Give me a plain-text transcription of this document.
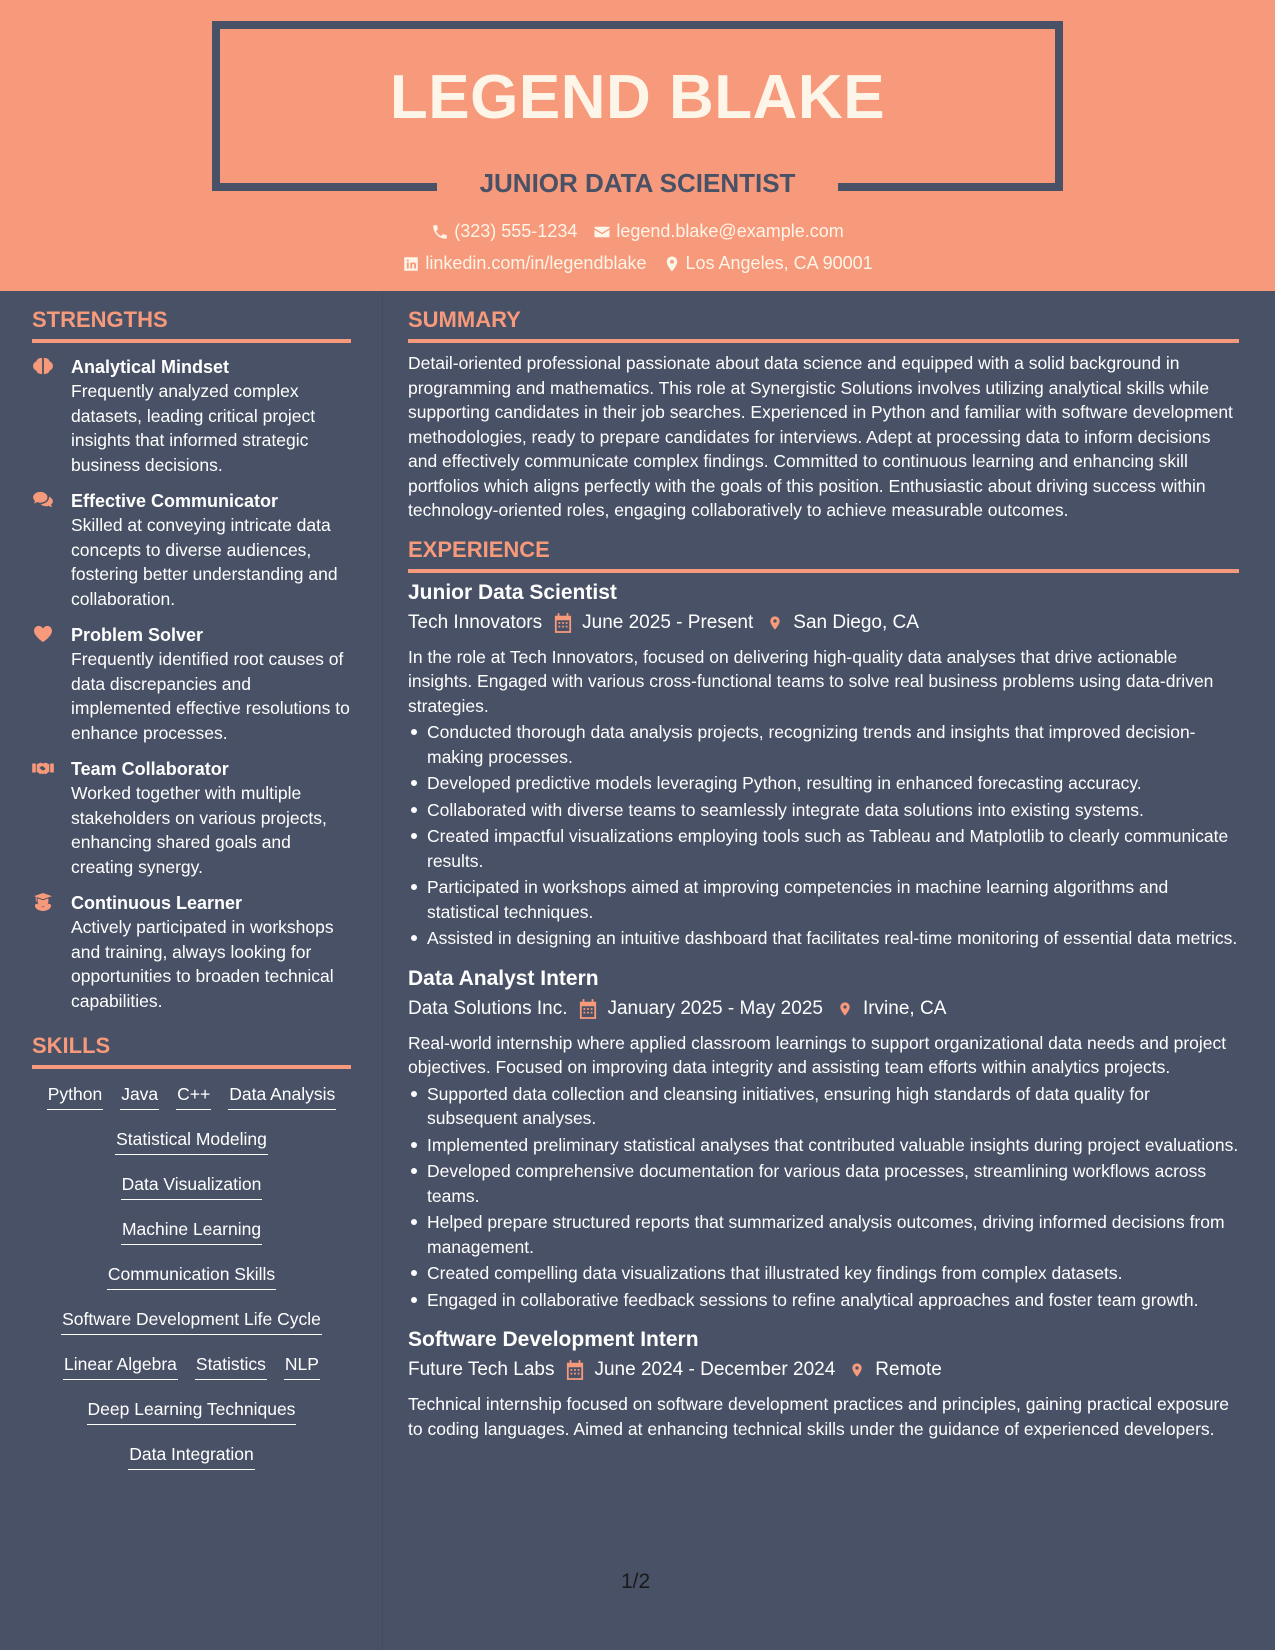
LEGEND BLAKE
JUNIOR DATA SCIENTIST
(323) 555-1234 legend.blake@example.com
linkedin.com/in/legendblake Los Angeles, CA 90001
STRENGTHS
Analytical Mindset
Frequently analyzed complex datasets, leading critical project insights that informed strategic business decisions.
Effective Communicator
Skilled at conveying intricate data concepts to diverse audiences, fostering better understanding and collaboration.
Problem Solver
Frequently identified root causes of data discrepancies and implemented effective resolutions to enhance processes.
Team Collaborator
Worked together with multiple stakeholders on various projects, enhancing shared goals and creating synergy.
Continuous Learner
Actively participated in workshops and training, always looking for opportunities to broaden technical capabilities.
SKILLS
Python Java C++ Data Analysis
Statistical Modeling
Data Visualization
Machine Learning
Communication Skills
Software Development Life Cycle
Linear Algebra Statistics NLP
Deep Learning Techniques
Data Integration
SUMMARY

Detail-oriented professional passionate about data science and equipped with a solid background in programming and mathematics. This role at Synergistic Solutions involves utilizing analytical skills while supporting candidates in their job searches. Experienced in Python and familiar with software development methodologies, ready to prepare candidates for interviews. Adept at processing data to inform decisions and effectively communicate complex findings. Committed to continuous learning and enhancing skill portfolios which aligns perfectly with the goals of this position. Enthusiastic about driving success within technology-oriented roles, engaging collaboratively to achieve measurable outcomes.

EXPERIENCE
Junior Data Scientist
Tech Innovators June 2025 - Present San Diego, CA

In the role at Tech Innovators, focused on delivering high-quality data analyses that drive actionable insights. Engaged with various cross-functional teams to solve real business problems using data-driven strategies.

Conducted thorough data analysis projects, recognizing trends and insights that improved decision-making processes.
Developed predictive models leveraging Python, resulting in enhanced forecasting accuracy.
Collaborated with diverse teams to seamlessly integrate data solutions into existing systems.
Created impactful visualizations employing tools such as Tableau and Matplotlib to clearly communicate results.
Participated in workshops aimed at improving competencies in machine learning algorithms and statistical techniques.
Assisted in designing an intuitive dashboard that facilitates real-time monitoring of essential data metrics.
Data Analyst Intern
Data Solutions Inc. January 2025 - May 2025 Irvine, CA

Real-world internship where applied classroom learnings to support organizational data needs and project objectives. Focused on improving data integrity and assisting team efforts within analytics projects.

Supported data collection and cleansing initiatives, ensuring high standards of data quality for subsequent analyses.
Implemented preliminary statistical analyses that contributed valuable insights during project evaluations.
Developed comprehensive documentation for various data processes, streamlining workflows across teams.
Helped prepare structured reports that summarized analysis outcomes, driving informed decisions from management.
Created compelling data visualizations that illustrated key findings from complex datasets.
Engaged in collaborative feedback sessions to refine analytical approaches and foster team growth.
Software Development Intern
Future Tech Labs June 2024 - December 2024 Remote

Technical internship focused on software development practices and principles, gaining practical exposure to coding languages. Aimed at enhancing technical skills under the guidance of experienced developers.

1/2
